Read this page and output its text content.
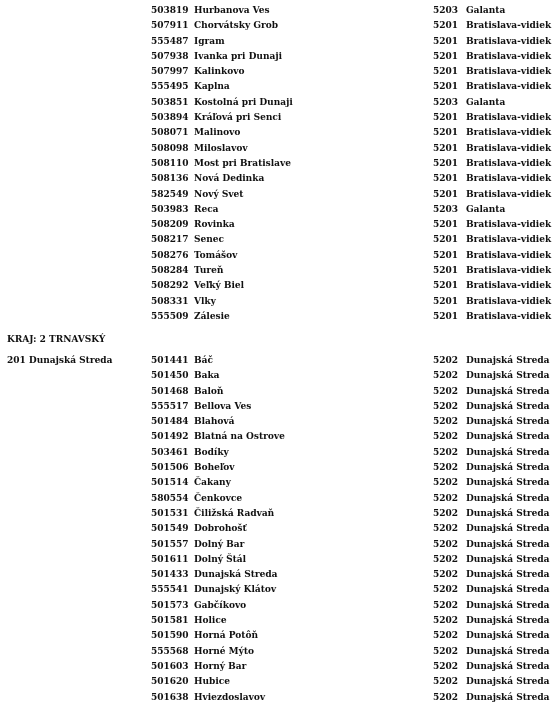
503819 Hurbanova Ves	5203 Galanta
507911 Chorvátsky Grob	5201 Bratislava-vidiek
555487 Igram	5201 Bratislava-vidiek
507938 Ivanka pri Dunaji	5201 Bratislava-vidiek
507997 Kalinkovo	5201 Bratislava-vidiek
555495 Kaplna	5201 Bratislava-vidiek
503851 Kostolná pri Dunaji	5203 Galanta
503894 Kráľová pri Senci	5201 Bratislava-vidiek
508071 Malinovo	5201 Bratislava-vidiek
508098 Miloslavov	5201 Bratislava-vidiek
508110 Most pri Bratislave	5201 Bratislava-vidiek
508136 Nová Dedinka	5201 Bratislava-vidiek
582549 Nový Svet	5201 Bratislava-vidiek
503983 Reca	5203 Galanta
508209 Rovinka	5201 Bratislava-vidiek
508217 Senec	5201 Bratislava-vidiek
508276 Tomášov	5201 Bratislava-vidiek
508284 Tureň	5201 Bratislava-vidiek
508292 Veľký Biel	5201 Bratislava-vidiek
508331 Vlky	5201 Bratislava-vidiek
555509 Zálesie	5201 Bratislava-vidiek
KRAJ: 2 TRNAVSKÝ
201 Dunajská Streda	501441 Báč	5202 Dunajská Streda
501450 Baka	5202 Dunajská Streda
501468 Baloň	5202 Dunajská Streda
555517 Bellova Ves	5202 Dunajská Streda
501484 Blahová	5202 Dunajská Streda
501492 Blatná na Ostrove	5202 Dunajská Streda
503461 Bodíky	5202 Dunajská Streda
501506 Boheľov	5202 Dunajská Streda
501514 Čakany	5202 Dunajská Streda
580554 Čenkovce	5202 Dunajská Streda
501531 Čiližská Radvaň	5202 Dunajská Streda
501549 Dobrohošť	5202 Dunajská Streda
501557 Dolný Bar	5202 Dunajská Streda
501611 Dolný Štál	5202 Dunajská Streda
501433 Dunajská Streda	5202 Dunajská Streda
555541 Dunajský Klátov	5202 Dunajská Streda
501573 Gabčíkovo	5202 Dunajská Streda
501581 Holice	5202 Dunajská Streda
501590 Horná Potôň	5202 Dunajská Streda
555568 Horné Mýto	5202 Dunajská Streda
501603 Horný Bar	5202 Dunajská Streda
501620 Hubice	5202 Dunajská Streda
501638 Hviezdoslavov	5202 Dunajská Streda
